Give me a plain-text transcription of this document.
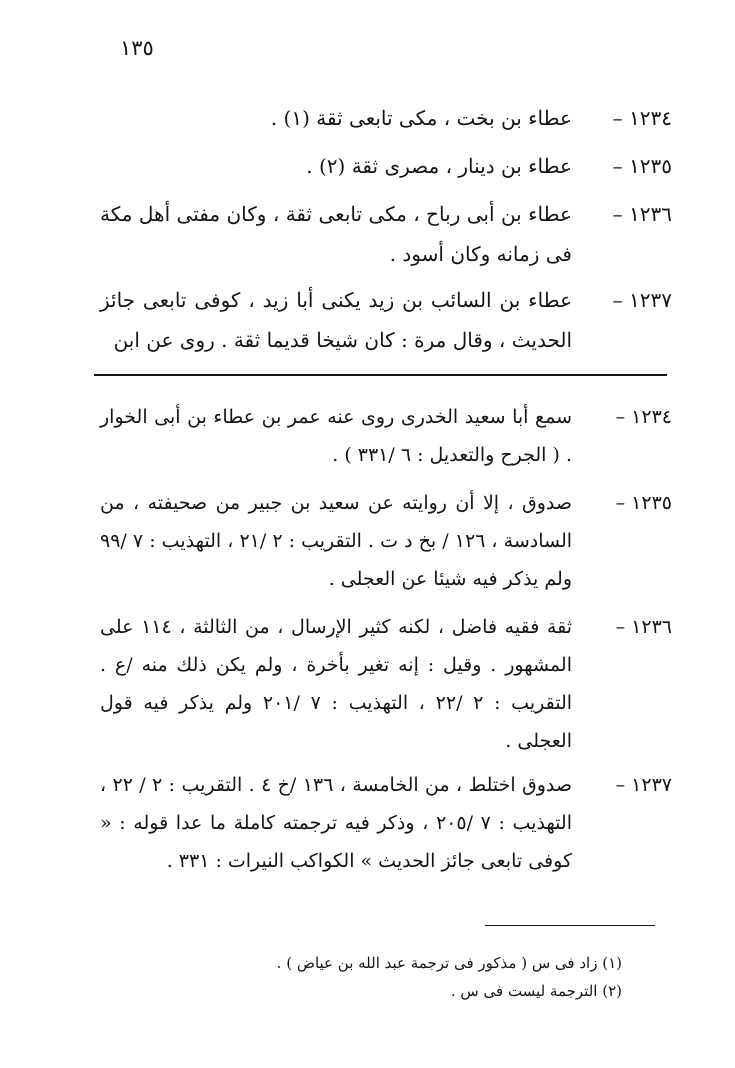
١٣٥
١٢٣٤ –
عطاء بن بخت ، مكى تابعى ثقة (١) .
١٢٣٥ –
عطاء بن دينار ، مصرى ثقة (٢) .
١٢٣٦ –
عطاء بن أبى رباح ، مكى تابعى ثقة ، وكان مفتى أهل مكة فى زمانه وكان أسود .
١٢٣٧ –
عطاء بن السائب بن زيد يكنى أبا زيد ، كوفى تابعى جائز الحديث ، وقال مرة : كان شيخا قديما ثقة . روى عن ابن
١٢٣٤ –
سمع أبا سعيد الخدرى روى عنه عمر بن عطاء بن أبى الخوار . ( الجرح والتعديل : ٦ /٣٣١ ) .
١٢٣٥ –
صدوق ، إلا أن روايته عن سعيد بن جبير من صحيفته ، من السادسة ، ١٢٦ / بخ د ت . التقريب : ٢ /٢١ ، التهذيب : ٧ /٩٩ ولم يذكر فيه شيئا عن العجلى .
١٢٣٦ –
ثقة فقيه فاضل ، لكنه كثير الإرسال ، من الثالثة ، ١١٤ على المشهور . وقيل : إنه تغير بأخرة ، ولم يكن ذلك منه /ع . التقريب : ٢ /٢٢ ، التهذيب : ٧ /٢٠١ ولم يذكر فيه قول العجلى .
١٢٣٧ –
صدوق اختلط ، من الخامسة ، ١٣٦ /خ ٤ . التقريب : ٢ / ٢٢ ، التهذيب : ٧ /٢٠٥ ، وذكر فيه ترجمته كاملة ما عدا قوله : « كوفى تابعى جائز الحديث » الكواكب النيرات : ٣٣١ .
(١) زاد فى س ( مذكور فى ترجمة عبد الله بن عياض ) .
(٢) الترجمة ليست فى س .
